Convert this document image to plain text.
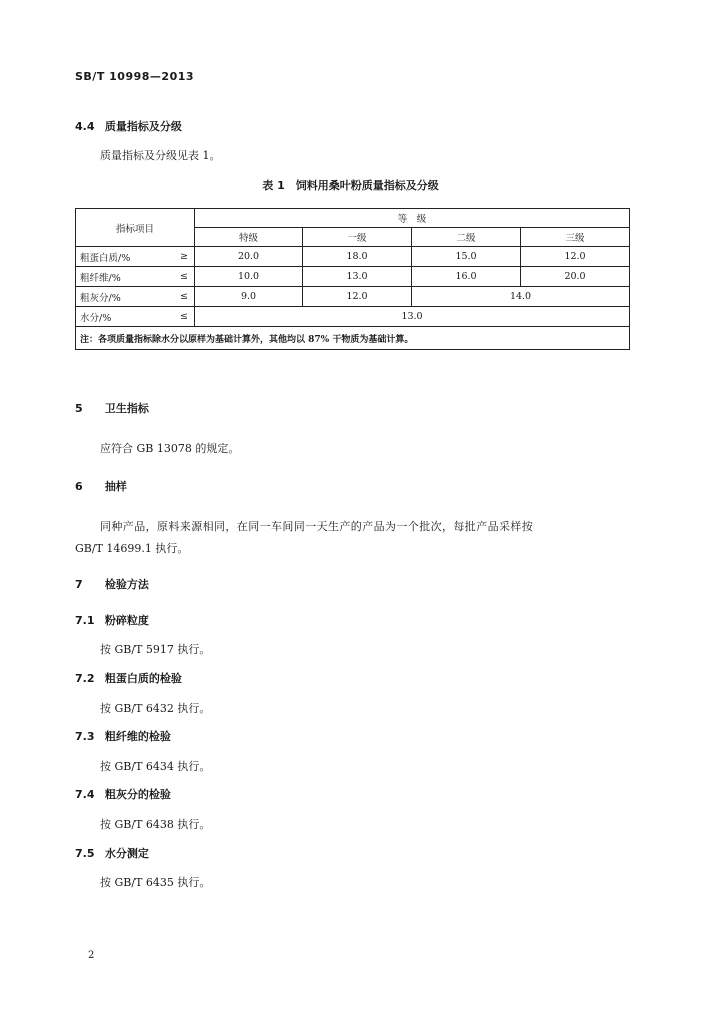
SB/T 10998—2013
4.4 质量指标及分级
质量指标及分级见表 1。
表 1　饲料用桑叶粉质量指标及分级
指标项目		等　级			
		特级	一级	二级	三级
粗蛋白质/%	≥	20.0	18.0	15.0	12.0
粗纤维/%	≤	10.0	13.0	16.0	20.0
粗灰分/%	≤	9.0	12.0	14.0	
水分/%	≤	13.0			
注：各项质量指标除水分以原样为基础计算外，其他均以 87% 干物质为基础计算。					
5 卫生指标
应符合 GB 13078 的规定。
6 抽样
同种产品，原料来源相同，在同一车间同一天生产的产品为一个批次，每批产品采样按
GB/T 14699.1 执行。
7 检验方法
7.1 粉碎粒度
按 GB/T 5917 执行。
7.2 粗蛋白质的检验
按 GB/T 6432 执行。
7.3 粗纤维的检验
按 GB/T 6434 执行。
7.4 粗灰分的检验
按 GB/T 6438 执行。
7.5 水分测定
按 GB/T 6435 执行。
2
